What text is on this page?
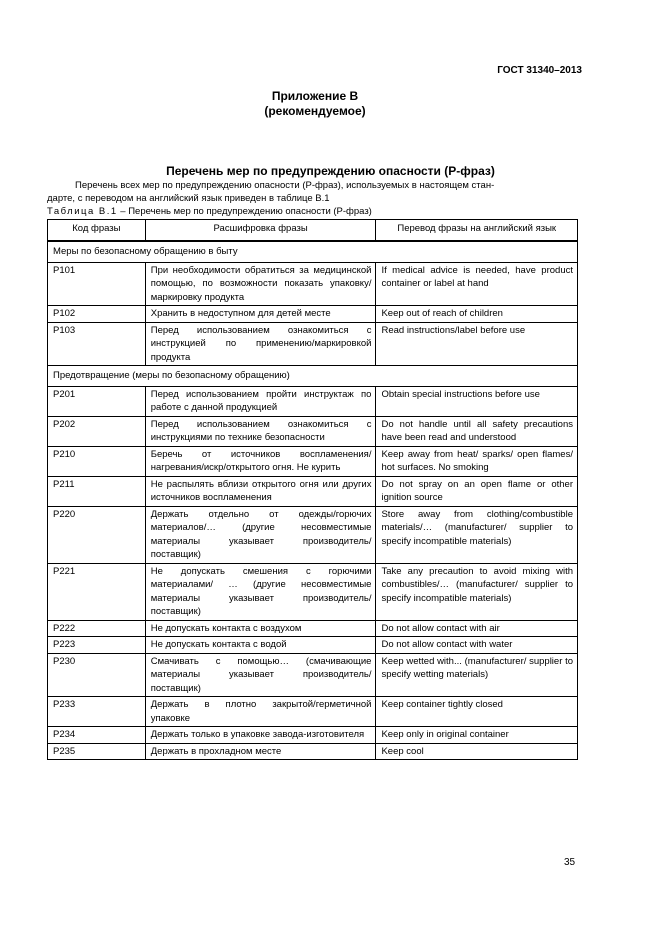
ГОСТ 31340–2013
Приложение В
(рекомендуемое)
Перечень мер по предупреждению опасности (Р-фраз)
Перечень всех мер по предупреждению опасности (Р-фраз), используемых в настоящем стан-
дарте, с переводом на английский язык приведен в таблице В.1
Таблица В.1 – Перечень мер по предупреждению опасности (Р-фраз)
Код фразы	Расшифровка фразы	Перевод фразы на английский язык
Меры по безопасному обращению в быту		
Р101	При необходимости обратиться за медицинской помощью, по возможности показать упаковку/маркировку продукта	If medical advice is needed, have product container or label at hand
Р102	Хранить в недоступном для детей месте	Keep out of reach of children
Р103	Перед использованием ознакомиться с инструкцией по применению/маркировкой продукта	Read instructions/label before use
Предотвращение (меры по безопасному обращению)		
Р201	Перед использованием пройти инструктаж по работе с данной продукцией	Obtain special instructions before use
Р202	Перед использованием ознакомиться с инструкциями по технике безопасности	Do not handle until all safety precautions have been read and understood
Р210	Беречь от источников воспламенения/нагревания/искр/открытого огня. Не курить	Keep away from heat/ sparks/ open flames/ hot surfaces. No smoking
Р211	Не распылять вблизи открытого огня или других источников воспламенения	Do not spray on an open flame or other ignition source
Р220	Держать отдельно от одежды/горючих материалов/… (другие несовместимые материалы указывает производитель/ поставщик)	Store away from clothing/combustible materials/… (manufacturer/ supplier to specify incompatible materials)
Р221	Не допускать смешения с горючими материалами/ … (другие несовместимые материалы указывает производитель/ поставщик)	Take any precaution to avoid mixing with combustibles/… (manufacturer/ supplier to specify incompatible materials)
Р222	Не допускать контакта с воздухом	Do not allow contact with air
Р223	Не допускать контакта с водой	Do not allow contact with water
Р230	Смачивать с помощью… (смачивающие материалы указывает производитель/ поставщик)	Keep wetted with... (manufacturer/ supplier to specify wetting materials)
Р233	Держать в плотно закрытой/герметичной упаковке	Keep container tightly closed
Р234	Держать только в упаковке завода-изготовителя	Keep only in original container
Р235	Держать в прохладном месте	Keep cool
35
